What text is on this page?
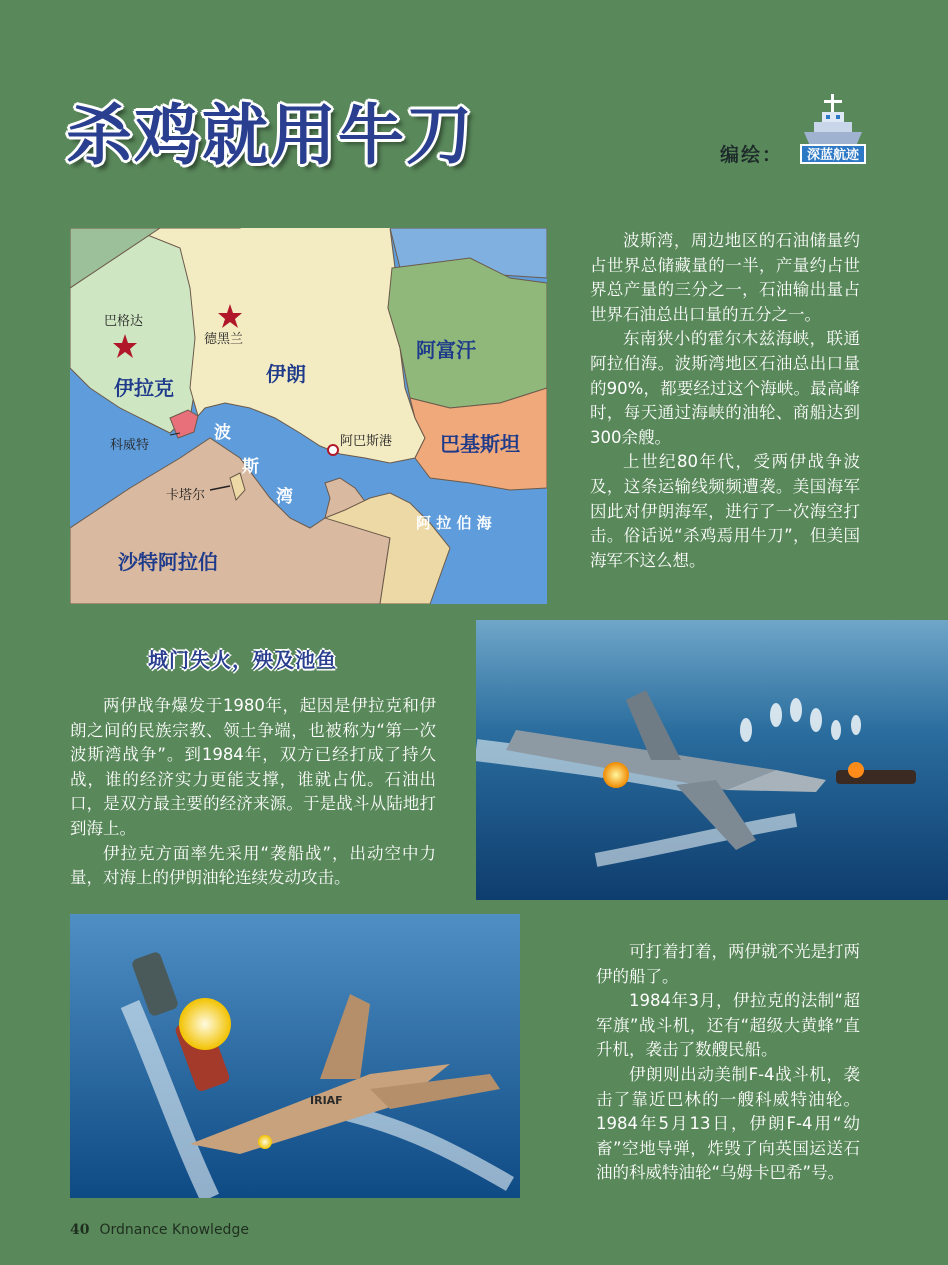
杀鸡就用牛刀	编绘：	深蓝航迹
伊朗
伊拉克
阿富汗
巴基斯坦
沙特阿拉伯
巴格达
德黑兰
科威特
卡塔尔
阿巴斯港
波
斯
湾
阿 拉 伯 海

波斯湾，周边地区的石油储量约占世界总储藏量的一半，产量约占世界总产量的三分之一，石油输出量占世界石油总出口量的五分之一。

东南狭小的霍尔木兹海峡，联通阿拉伯海。波斯湾地区石油总出口量的90%，都要经过这个海峡。最高峰时，每天通过海峡的油轮、商船达到300余艘。

上世纪80年代，受两伊战争波及，这条运输线频频遭袭。美国海军因此对伊朗海军，进行了一次海空打击。俗话说“杀鸡焉用牛刀”，但美国海军不这么想。

城门失火，殃及池鱼

两伊战争爆发于1980年，起因是伊拉克和伊朗之间的民族宗教、领土争端，也被称为“第一次波斯湾战争”。到1984年，双方已经打成了持久战，谁的经济实力更能支撑，谁就占优。石油出口，是双方最主要的经济来源。于是战斗从陆地打到海上。

伊拉克方面率先采用“袭船战”，出动空中力量，对海上的伊朗油轮连续发动攻击。

IRIAF

可打着打着，两伊就不光是打两伊的船了。

1984年3月，伊拉克的法制“超军旗”战斗机，还有“超级大黄蜂”直升机，袭击了数艘民船。

伊朗则出动美制F-4战斗机，袭击了靠近巴林的一艘科威特油轮。1984年5月13日，伊朗F-4用“幼畜”空地导弹，炸毁了向英国运送石油的科威特油轮“乌姆卡巴希”号。

40 Ordnance Knowledge
